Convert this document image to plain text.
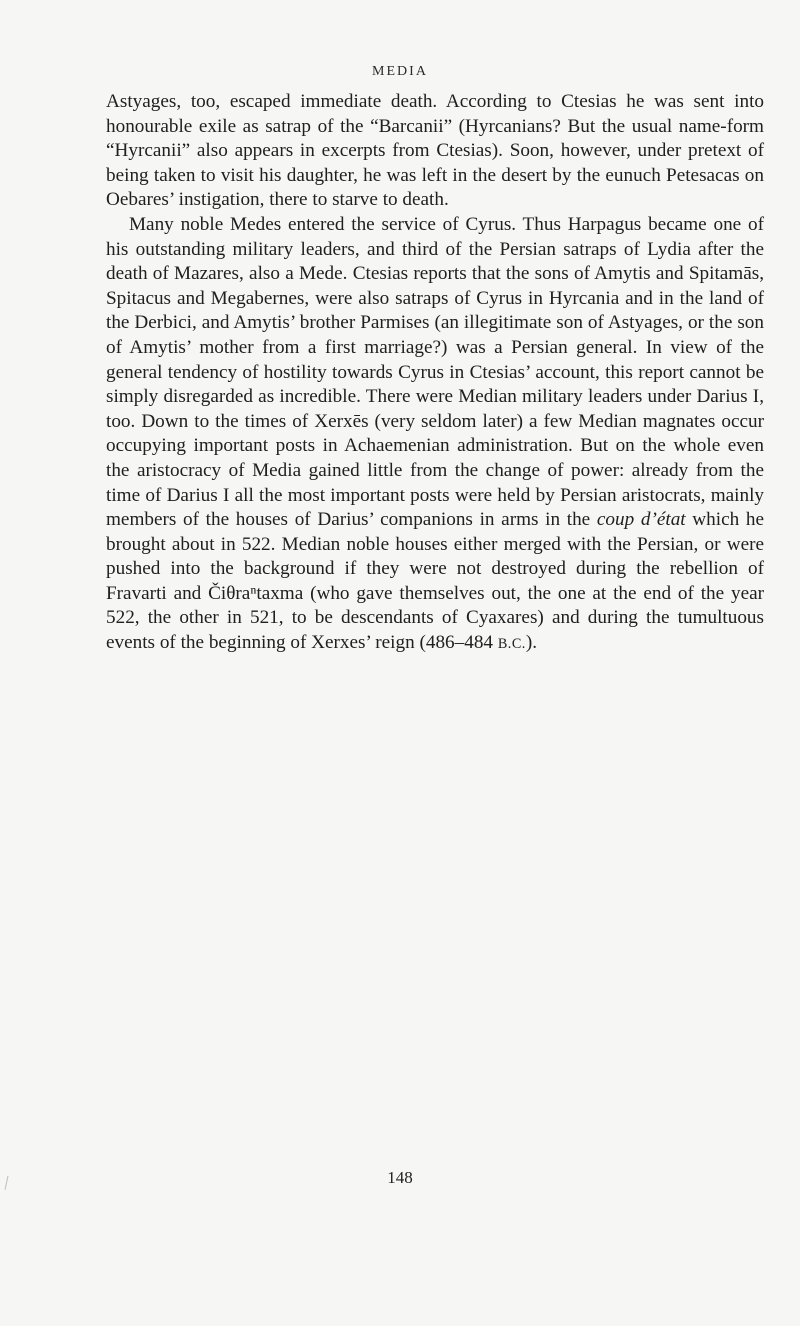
MEDIA

Astyages, too, escaped immediate death. According to Ctesias he was sent into honourable exile as satrap of the “Barcanii” (Hyrcanians? But the usual name-form “Hyrcanii” also appears in excerpts from Ctesias). Soon, however, under pretext of being taken to visit his daughter, he was left in the desert by the eunuch Petesacas on Oebares’ instigation, there to starve to death.

Many noble Medes entered the service of Cyrus. Thus Harpagus became one of his outstanding military leaders, and third of the Persian satraps of Lydia after the death of Mazares, also a Mede. Ctesias reports that the sons of Amytis and Spitamās, Spitacus and Megabernes, were also satraps of Cyrus in Hyrcania and in the land of the Derbici, and Amytis’ brother Parmises (an illegitimate son of Astyages, or the son of Amytis’ mother from a first marriage?) was a Persian general. In view of the general tendency of hostility towards Cyrus in Ctesias’ account, this report cannot be simply disregarded as incredible. There were Median military leaders under Darius I, too. Down to the times of Xerxēs (very seldom later) a few Median magnates occur occupying important posts in Achaemenian administration. But on the whole even the aristocracy of Media gained little from the change of power: already from the time of Darius I all the most important posts were held by Persian aristocrats, mainly members of the houses of Darius’ companions in arms in the coup d’état which he brought about in 522. Median noble houses either merged with the Persian, or were pushed into the background if they were not destroyed during the rebellion of Fravarti and Čiθraⁿtaxma (who gave themselves out, the one at the end of the year 522, the other in 521, to be descendants of Cyaxares) and during the tumultuous events of the beginning of Xerxes’ reign (486–484 B.C.).

148
